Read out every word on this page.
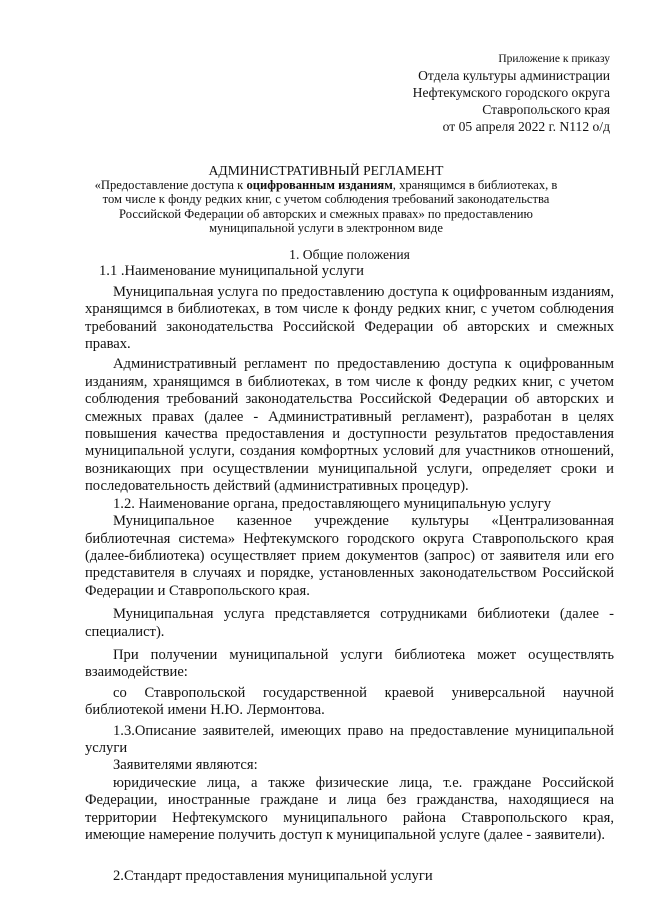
Приложение к приказу
Отдела культуры администрации
Нефтекумского городского округа
Ставропольского края
от 05 апреля 2022 г. N112 о/д
АДМИНИСТРАТИВНЫЙ РЕГЛАМЕНТ
«Предоставление доступа к оцифрованным изданиям, хранящимся в библиотеках, в том числе к фонду редких книг, с учетом соблюдения требований законодательства Российской Федерации об авторских и смежных правах» по предоставлению муниципальной услуги в электронном виде

1. Общие положения

1.1 .Наименование муниципальной услуги

Муниципальная услуга по предоставлению доступа к оцифрованным изданиям, хранящимся в библиотеках, в том числе к фонду редких книг, с учетом соблюдения требований законодательства Российской Федерации об авторских и смежных правах.

Административный регламент по предоставлению доступа к оцифрованным изданиям, хранящимся в библиотеках, в том числе к фонду редких книг, с учетом соблюдения требований законодательства Российской Федерации об авторских и смежных правах (далее - Административный регламент), разработан в целях повышения качества предоставления и доступности результатов предоставления муниципальной услуги, создания комфортных условий для участников отношений, возникающих при осуществлении муниципальной услуги, определяет сроки и последовательность действий (административных процедур).

1.2. Наименование органа, предоставляющего муниципальную услугу

Муниципальное казенное учреждение культуры «Централизованная библиотечная система» Нефтекумского городского округа Ставропольского края (далее-библиотека) осуществляет прием документов (запрос) от заявителя или его представителя в случаях и порядке, установленных законодательством Российской Федерации и Ставропольского края.

Муниципальная услуга представляется сотрудниками библиотеки (далее - специалист).

При получении муниципальной услуги библиотека может осуществлять взаимодействие:

со Ставропольской государственной краевой универсальной научной библиотекой имени Н.Ю. Лермонтова.

1.3.Описание заявителей, имеющих право на предоставление муниципальной услуги

Заявителями являются:

юридические лица, а также физические лица, т.е. граждане Российской Федерации, иностранные граждане и лица без гражданства, находящиеся на территории Нефтекумского муниципального района Ставропольского края, имеющие намерение получить доступ к муниципальной услуге (далее - заявители).

2.Стандарт предоставления муниципальной услуги
